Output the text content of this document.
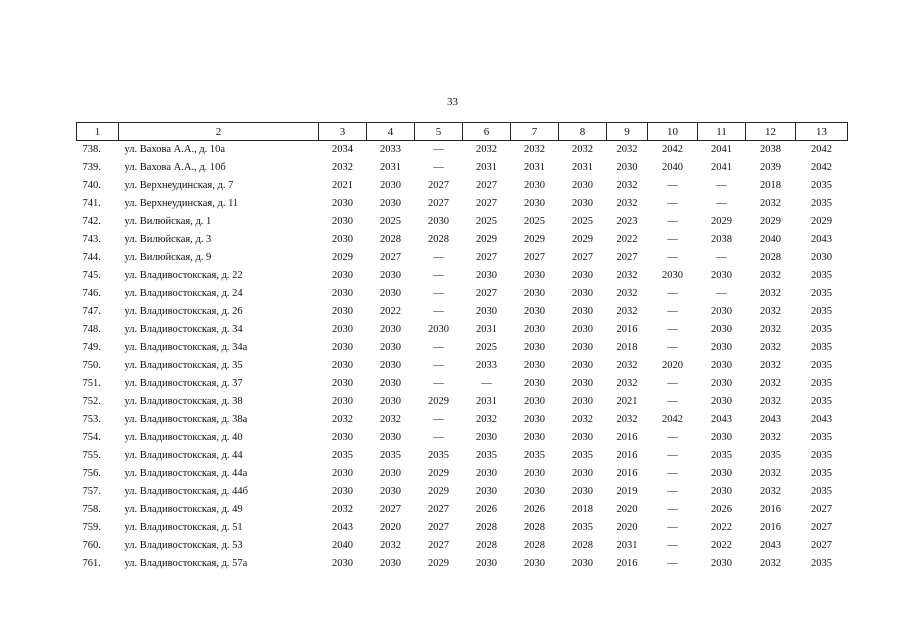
33
1	2	3	4	5	6	7	8	9	10	11	12	13
738.	ул. Вахова А.А., д. 10а	2034	2033	—	2032	2032	2032	2032	2042	2041	2038	2042
739.	ул. Вахова А.А., д. 10б	2032	2031	—	2031	2031	2031	2030	2040	2041	2039	2042
740.	ул. Верхнеудинская, д. 7	2021	2030	2027	2027	2030	2030	2032	—	—	2018	2035
741.	ул. Верхнеудинская, д. 11	2030	2030	2027	2027	2030	2030	2032	—	—	2032	2035
742.	ул. Вилюйская, д. 1	2030	2025	2030	2025	2025	2025	2023	—	2029	2029	2029
743.	ул. Вилюйская, д. 3	2030	2028	2028	2029	2029	2029	2022	—	2038	2040	2043
744.	ул. Вилюйская, д. 9	2029	2027	—	2027	2027	2027	2027	—	—	2028	2030
745.	ул. Владивостокская, д. 22	2030	2030	—	2030	2030	2030	2032	2030	2030	2032	2035
746.	ул. Владивостокская, д. 24	2030	2030	—	2027	2030	2030	2032	—	—	2032	2035
747.	ул. Владивостокская, д. 26	2030	2022	—	2030	2030	2030	2032	—	2030	2032	2035
748.	ул. Владивостокская, д. 34	2030	2030	2030	2031	2030	2030	2016	—	2030	2032	2035
749.	ул. Владивостокская, д. 34а	2030	2030	—	2025	2030	2030	2018	—	2030	2032	2035
750.	ул. Владивостокская, д. 35	2030	2030	—	2033	2030	2030	2032	2020	2030	2032	2035
751.	ул. Владивостокская, д. 37	2030	2030	—	—	2030	2030	2032	—	2030	2032	2035
752.	ул. Владивостокская, д. 38	2030	2030	2029	2031	2030	2030	2021	—	2030	2032	2035
753.	ул. Владивостокская, д. 38а	2032	2032	—	2032	2030	2032	2032	2042	2043	2043	2043
754.	ул. Владивостокская, д. 40	2030	2030	—	2030	2030	2030	2016	—	2030	2032	2035
755.	ул. Владивостокская, д. 44	2035	2035	2035	2035	2035	2035	2016	—	2035	2035	2035
756.	ул. Владивостокская, д. 44а	2030	2030	2029	2030	2030	2030	2016	—	2030	2032	2035
757.	ул. Владивостокская, д. 44б	2030	2030	2029	2030	2030	2030	2019	—	2030	2032	2035
758.	ул. Владивостокская, д. 49	2032	2027	2027	2026	2026	2018	2020	—	2026	2016	2027
759.	ул. Владивостокская, д. 51	2043	2020	2027	2028	2028	2035	2020	—	2022	2016	2027
760.	ул. Владивостокская, д. 53	2040	2032	2027	2028	2028	2028	2031	—	2022	2043	2027
761.	ул. Владивостокская, д. 57а	2030	2030	2029	2030	2030	2030	2016	—	2030	2032	2035
